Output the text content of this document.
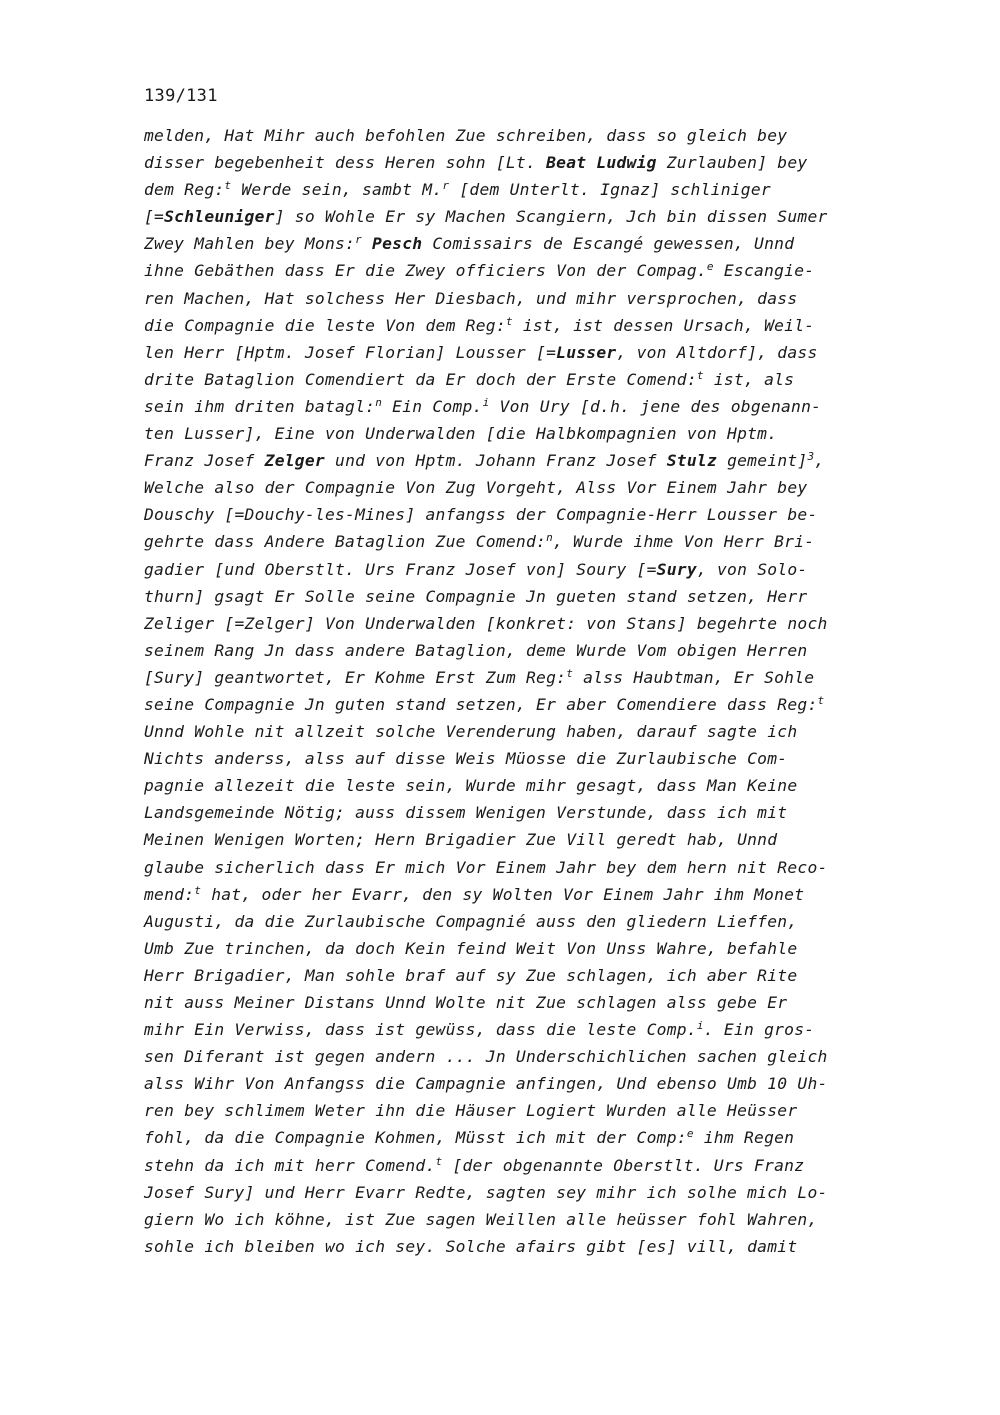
139/131
melden, Hat Mihr auch befohlen Zue schreiben, dass so gleich bey
disser begebenheit dess Heren sohn [Lt. Beat Ludwig Zurlauben] bey
dem Reg:$^t$ Werde sein, sambt M.$^r$ [dem Unterlt. Ignaz] schliniger
[=Schleuniger] so Wohle Er sy Machen Scangiern, Jch bin dissen Sumer
Zwey Mahlen bey Mons:$^r$ Pesch Comissairs de Escangé gewessen, Unnd
ihne Gebäthen dass Er die Zwey officiers Von der Compag.$^e$ Escangie-
ren Machen, Hat solchess Her Diesbach, und mihr versprochen, dass
die Compagnie die leste Von dem Reg:$^t$ ist, ist dessen Ursach, Weil-
len Herr [Hptm. Josef Florian] Lousser [=Lusser, von Altdorf], dass
drite Bataglion Comendiert da Er doch der Erste Comend:$^t$ ist, als
sein ihm driten batagl:$^n$ Ein Comp.$^i$ Von Ury [d.h. jene des obgenann-
ten Lusser], Eine von Underwalden [die Halbkompagnien von Hptm.
Franz Josef Zelger und von Hptm. Johann Franz Josef Stulz gemeint]$^3$,
Welche also der Compagnie Von Zug Vorgeht, Alss Vor Einem Jahr bey
Douschy [=Douchy-les-Mines] anfangss der Compagnie-Herr Lousser be-
gehrte dass Andere Bataglion Zue Comend:$^n$, Wurde ihme Von Herr Bri-
gadier [und Oberstlt. Urs Franz Josef von] Soury [=Sury, von Solo-
thurn] gsagt Er Solle seine Compagnie Jn gueten stand setzen, Herr
Zeliger [=Zelger] Von Underwalden [konkret: von Stans] begehrte noch
seinem Rang Jn dass andere Bataglion, deme Wurde Vom obigen Herren
[Sury] geantwortet, Er Kohme Erst Zum Reg:$^t$ alss Haubtman, Er Sohle
seine Compagnie Jn guten stand setzen, Er aber Comendiere dass Reg:$^t$
Unnd Wohle nit allzeit solche Verenderung haben, darauf sagte ich
Nichts anderss, alss auf disse Weis Müosse die Zurlaubische Com-
pagnie allezeit die leste sein, Wurde mihr gesagt, dass Man Keine
Landsgemeinde Nötig; auss dissem Wenigen Verstunde, dass ich mit
Meinen Wenigen Worten; Hern Brigadier Zue Vill geredt hab, Unnd
glaube sicherlich dass Er mich Vor Einem Jahr bey dem hern nit Reco-
mend:$^t$ hat, oder her Evarr, den sy Wolten Vor Einem Jahr ihm Monet
Augusti, da die Zurlaubische Compagnié auss den gliedern Lieffen,
Umb Zue trinchen, da doch Kein feind Weit Von Unss Wahre, befahle
Herr Brigadier, Man sohle braf auf sy Zue schlagen, ich aber Rite
nit auss Meiner Distans Unnd Wolte nit Zue schlagen alss gebe Er
mihr Ein Verwiss, dass ist gewüss, dass die leste Comp.$^i$. Ein gros-
sen Diferant ist gegen andern ... Jn Underschichlichen sachen gleich
alss Wihr Von Anfangss die Campagnie anfingen, Und ebenso Umb 10 Uh-
ren bey schlimem Weter ihn die Häuser Logiert Wurden alle Heüsser
fohl, da die Compagnie Kohmen, Müsst ich mit der Comp:$^e$ ihm Regen
stehn da ich mit herr Comend.$^t$ [der obgenannte Oberstlt. Urs Franz
Josef Sury] und Herr Evarr Redte, sagten sey mihr ich solhe mich Lo-
giern Wo ich köhne, ist Zue sagen Weillen alle heüsser fohl Wahren,
sohle ich bleiben wo ich sey. Solche afairs gibt [es] vill, damit
